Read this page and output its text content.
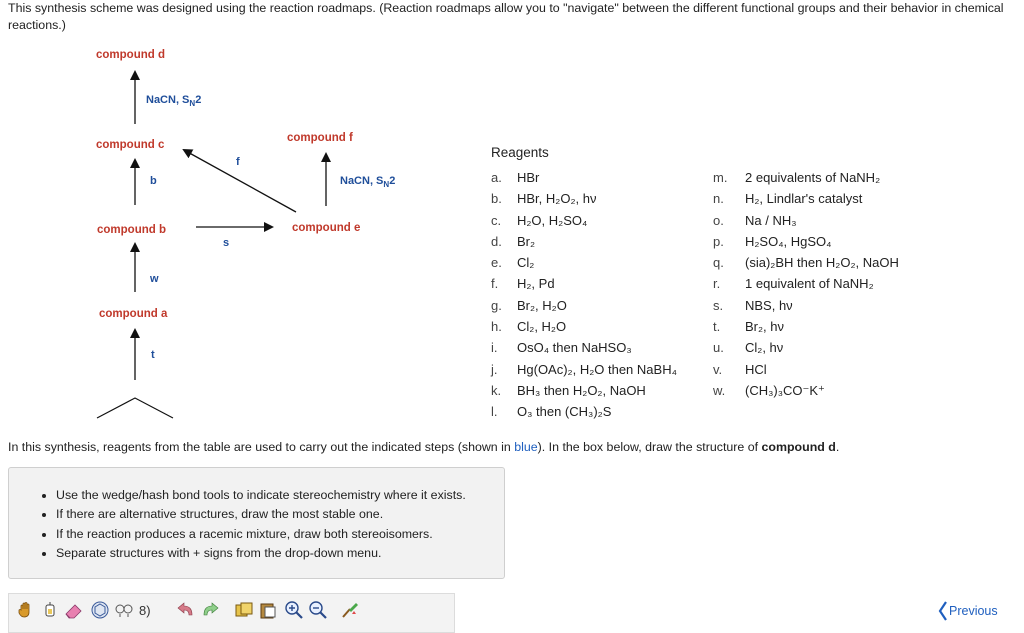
This synthesis scheme was designed using the reaction roadmaps. (Reaction roadmaps allow you to "navigate" between the different functional groups and their behavior in chemical reactions.)
compound d
compound c
compound b
compound a
compound f
compound e
NaCN, $S_N2$
NaCN, $S_N2$
b
w
t
f
s
Reagents
a. HBr
b. HBr, H₂O₂, hν
c. H₂O, H₂SO₄
d. Br₂
e. Cl₂
f. H₂, Pd
g. Br₂, H₂O
h. Cl₂, H₂O
i. OsO₄ then NaHSO₃
j. Hg(OAc)₂, H₂O then NaBH₄
k. BH₃ then H₂O₂, NaOH
l. O₃ then (CH₃)₂S
m. 2 equivalents of NaNH₂
n. H₂, Lindlar's catalyst
o. Na / NH₃
p. H₂SO₄, HgSO₄
q. (sia)₂BH then H₂O₂, NaOH
r. 1 equivalent of NaNH₂
s. NBS, hν
t. Br₂, hν
u. Cl₂, hν
v. HCl
w. (CH₃)₃CO⁻K⁺
In this synthesis, reagents from the table are used to carry out the indicated steps (shown in blue). In the box below, draw the structure of compound d.
• Use the wedge/hash bond tools to indicate stereochemistry where it exists.
• If there are alternative structures, draw the most stable one.
• If the reaction produces a racemic mixture, draw both stereoisomers.
• Separate structures with + signs from the drop-down menu.
8)	Previous
